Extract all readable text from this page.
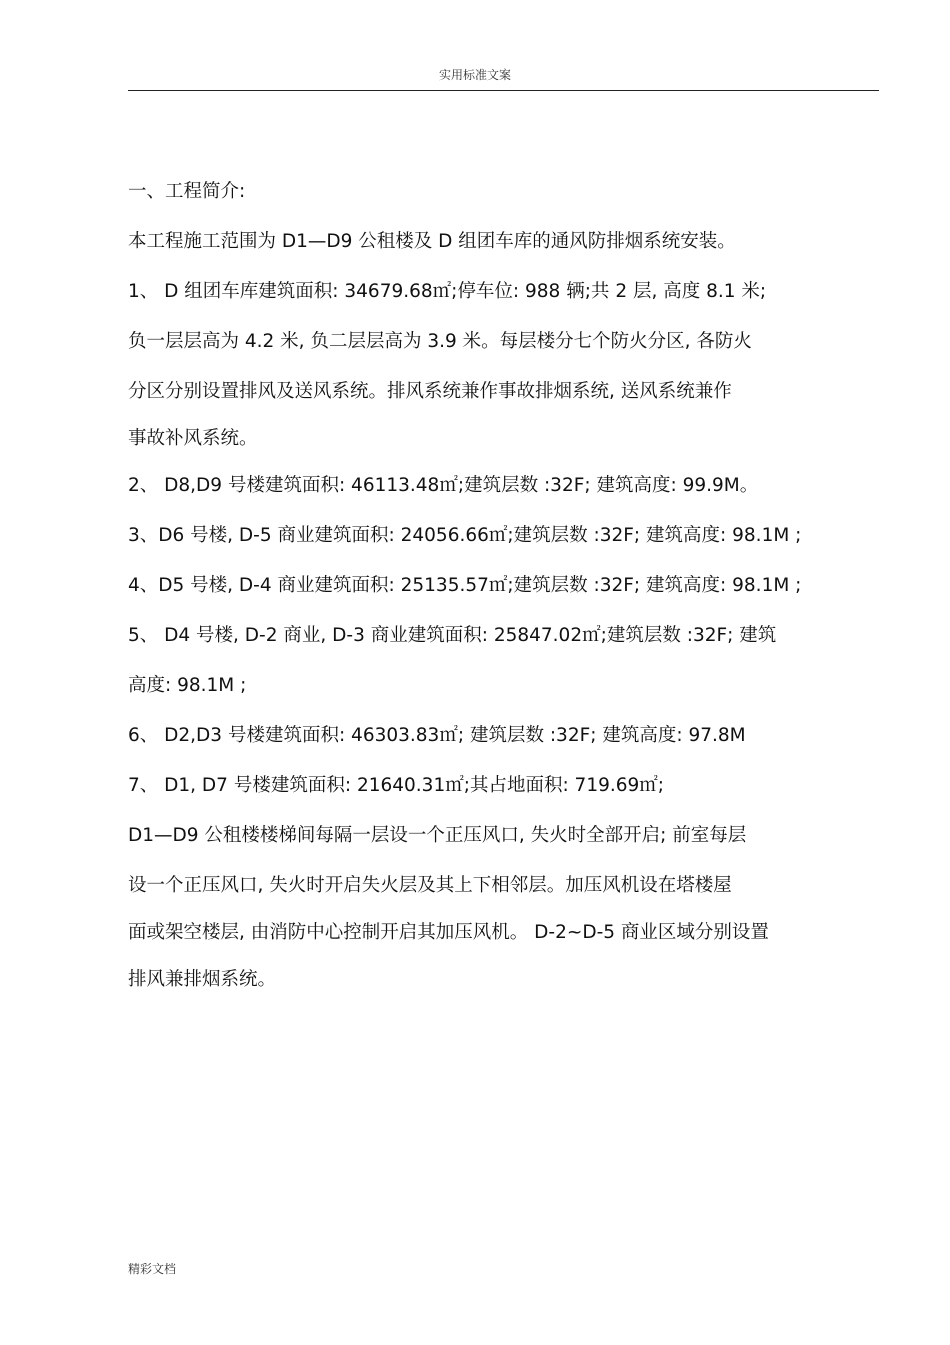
实用标准文案
一、工程简介:
本工程施工范围为 D1—D9 公租楼及 D 组团车库的通风防排烟系统安装。
1、 D 组团车库建筑面积: 34679.68㎡;停车位: 988 辆;共 2 层, 高度 8.1 米;
负一层层高为 4.2 米, 负二层层高为 3.9 米。每层楼分七个防火分区, 各防火
分区分别设置排风及送风系统。排风系统兼作事故排烟系统, 送风系统兼作
事故补风系统。
2、 D8,D9 号楼建筑面积: 46113.48㎡;建筑层数 :32F; 建筑高度: 99.9M。
3、D6 号楼, D-5 商业建筑面积: 24056.66㎡;建筑层数 :32F; 建筑高度: 98.1M ;
4、D5 号楼, D-4 商业建筑面积: 25135.57㎡;建筑层数 :32F; 建筑高度: 98.1M ;
5、 D4 号楼, D-2 商业, D-3 商业建筑面积: 25847.02㎡;建筑层数 :32F; 建筑
高度: 98.1M ;
6、 D2,D3 号楼建筑面积: 46303.83㎡; 建筑层数 :32F; 建筑高度: 97.8M
7、 D1, D7 号楼建筑面积: 21640.31㎡;其占地面积: 719.69㎡;
D1—D9 公租楼楼梯间每隔一层设一个正压风口, 失火时全部开启; 前室每层
设一个正压风口, 失火时开启失火层及其上下相邻层。加压风机设在塔楼屋
面或架空楼层, 由消防中心控制开启其加压风机。 D-2~D-5 商业区域分别设置
排风兼排烟系统。
精彩文档
